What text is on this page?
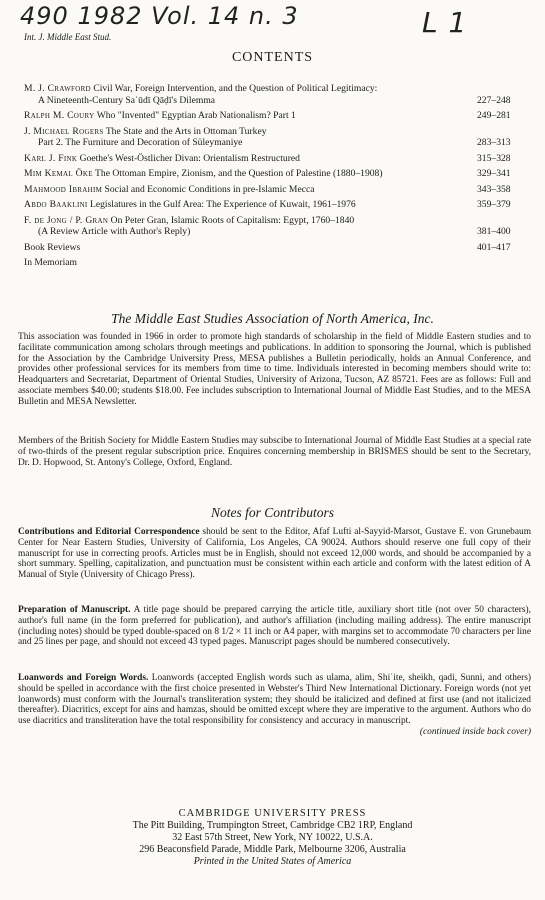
490 1982 Vol. 14 n. 3	L 1
Int. J. Middle East Stud.
CONTENTS
M. J. Crawford Civil War, Foreign Intervention, and the Question of Political Legitimacy:
A Nineteenth-Century Saʿūdī Qāḍī's Dilemma	227–248
Ralph M. Coury Who "Invented" Egyptian Arab Nationalism? Part 1	249–281
J. Michael Rogers The State and the Arts in Ottoman Turkey
Part 2. The Furniture and Decoration of Süleymaniye	283–313
Karl J. Fink Goethe's West-Östlicher Divan: Orientalism Restructured	315–328
Mim Kemal Öke The Ottoman Empire, Zionism, and the Question of Palestine (1880–1908)	329–341
Mahmood Ibrahim Social and Economic Conditions in pre-Islamic Mecca	343–358
Abdo Baaklini Legislatures in the Gulf Area: The Experience of Kuwait, 1961–1976	359–379
F. de Jong / P. Gran On Peter Gran, Islamic Roots of Capitalism: Egypt, 1760–1840
(A Review Article with Author's Reply)	381–400
Book Reviews	401–417
In Memoriam
The Middle East Studies Association of North America, Inc.
This association was founded in 1966 in order to promote high standards of scholarship in the field of Middle Eastern studies and to facilitate communication among scholars through meetings and publications. In addition to sponsoring the Journal, which is published for the Association by the Cambridge University Press, MESA publishes a Bulletin periodically, holds an Annual Conference, and provides other professional services for its members from time to time. Individuals interested in becoming members should write to: Headquarters and Secretariat, Department of Oriental Studies, University of Arizona, Tucson, AZ 85721. Fees are as follows: Full and associate members $40.00; students $18.00. Fee includes subscription to International Journal of Middle East Studies, and to the MESA Bulletin and MESA Newsletter.
Members of the British Society for Middle Eastern Studies may subscibe to International Journal of Middle East Studies at a special rate of two-thirds of the present regular subscription price. Enquires concerning membership in BRISMES should be sent to the Secretary, Dr. D. Hopwood, St. Antony's College, Oxford, England.
Notes for Contributors
Contributions and Editorial Correspondence should be sent to the Editor, Afaf Lufti al-Sayyid-Marsot, Gustave E. von Grunebaum Center for Near Eastern Studies, University of California, Los Angeles, CA 90024. Authors should reserve one full copy of their manuscript for use in correcting proofs. Articles must be in English, should not exceed 12,000 words, and should be accompanied by a short summary. Spelling, capitalization, and punctuation must be consistent within each article and conform with the latest edition of A Manual of Style (University of Chicago Press).
Preparation of Manuscript. A title page should be prepared carrying the article title, auxiliary short title (not over 50 characters), author's full name (in the form preferred for publication), and author's affiliation (including mailing address). The entire manuscript (including notes) should be typed double-spaced on 8 1/2 × 11 inch or A4 paper, with margins set to accommodate 70 characters per line and 25 lines per page, and should not exceed 43 typed pages. Manuscript pages should be numbered consecutively.
Loanwords and Foreign Words. Loanwords (accepted English words such as ulama, alim, Shiʿite, sheikh, qadi, Sunni, and others) should be spelled in accordance with the first choice presented in Webster's Third New International Dictionary. Foreign words (not yet loanwords) must conform with the Journal's transliteration system; they should be italicized and defined at first use (and not italicized thereafter). Diacritics, except for ains and hamzas, should be omitted except where they are imperative to the argument. Authors who do use diacritics and transliteration have the total responsibility for consistency and accuracy in manuscript.
(continued inside back cover)
CAMBRIDGE UNIVERSITY PRESS
The Pitt Building, Trumpington Street, Cambridge CB2 1RP, England
32 East 57th Street, New York, NY 10022, U.S.A.
296 Beaconsfield Parade, Middle Park, Melbourne 3206, Australia
Printed in the United States of America
